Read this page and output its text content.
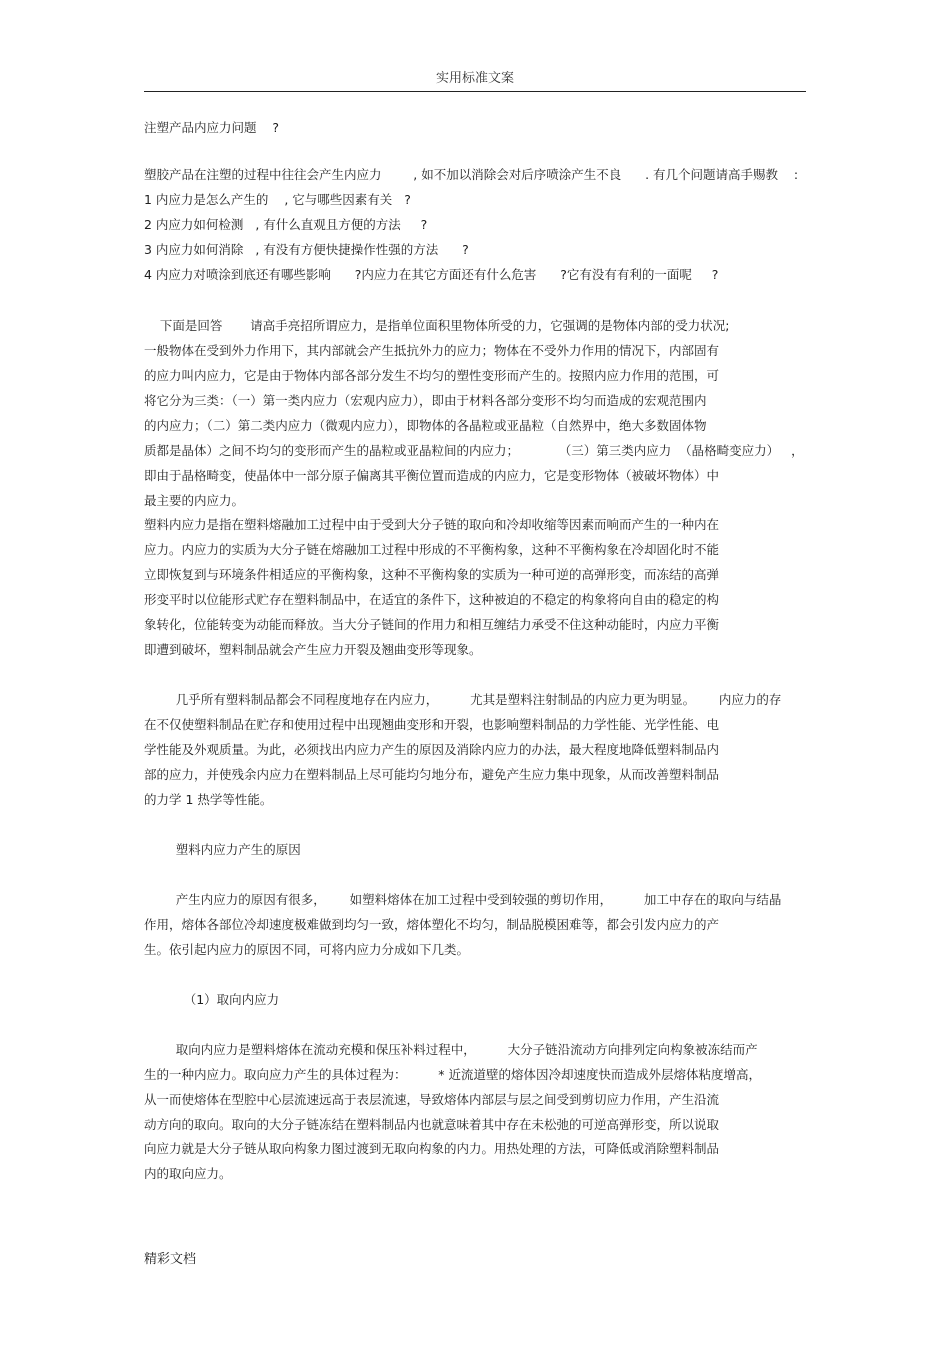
实用标准文案
注塑产品内应力问题    ?
塑胶产品在注塑的过程中往往会产生内应力        , 如不加以消除会对后序喷涂产生不良      . 有几个问题请高手赐教    :
1 内应力是怎么产生的    , 它与哪些因素有关   ?
2 内应力如何检测   , 有什么直观且方便的方法     ?
3 内应力如何消除   , 有没有方便快捷操作性强的方法      ?
4 内应力对喷涂到底还有哪些影响      ?内应力在其它方面还有什么危害      ?它有没有有利的一面呢     ?
下面是回答       请高手亮招所谓应力，是指单位面积里物体所受的力，它强调的是物体内部的受力状况;
一般物体在受到外力作用下，其内部就会产生抵抗外力的应力；物体在不受外力作用的情况下，内部固有
的应力叫内应力，它是由于物体内部各部分发生不均匀的塑性变形而产生的。按照内应力作用的范围，可
将它分为三类：（一）第一类内应力（宏观内应力），即由于材料各部分变形不均匀而造成的宏观范围内
的内应力；（二）第二类内应力（微观内应力），即物体的各晶粒或亚晶粒（自然界中，绝大多数固体物
质都是晶体）之间不均匀的变形而产生的晶粒或亚晶粒间的内应力；          （三）第三类内应力  （晶格畸变应力）   ，
即由于晶格畸变，使晶体中一部分原子偏离其平衡位置而造成的内应力，它是变形物体（被破坏物体）中
最主要的内应力。
塑料内应力是指在塑料熔融加工过程中由于受到大分子链的取向和冷却收缩等因素而响而产生的一种内在
应力。内应力的实质为大分子链在熔融加工过程中形成的不平衡构象，这种不平衡构象在冷却固化时不能
立即恢复到与环境条件相适应的平衡构象，这种不平衡构象的实质为一种可逆的高弹形变，而冻结的高弹
形变平时以位能形式贮存在塑料制品中，在适宜的条件下，这种被迫的不稳定的构象将向自由的稳定的构
象转化，位能转变为动能而释放。当大分子链间的作用力和相互缠结力承受不住这种动能时，内应力平衡
即遭到破坏，塑料制品就会产生应力开裂及翘曲变形等现象。
几乎所有塑料制品都会不同程度地存在内应力，        尤其是塑料注射制品的内应力更为明显。      内应力的存
在不仅使塑料制品在贮存和使用过程中出现翘曲变形和开裂，也影响塑料制品的力学性能、光学性能、电
学性能及外观质量。为此，必须找出内应力产生的原因及消除内应力的办法，最大程度地降低塑料制品内
部的应力，并使残余内应力在塑料制品上尽可能均匀地分布，避免产生应力集中现象，从而改善塑料制品
的力学 1 热学等性能。
塑料内应力产生的原因
产生内应力的原因有很多，      如塑料熔体在加工过程中受到较强的剪切作用，        加工中存在的取向与结晶
作用，熔体各部位冷却速度极难做到均匀一致，熔体塑化不均匀，制品脱模困难等，都会引发内应力的产
生。依引起内应力的原因不同，可将内应力分成如下几类。
（1）取向内应力
取向内应力是塑料熔体在流动充模和保压补料过程中，        大分子链沿流动方向排列定向构象被冻结而产
生的一种内应力。取向应力产生的具体过程为：        * 近流道壁的熔体因冷却速度快而造成外层熔体粘度增高，
从一而使熔体在型腔中心层流速远高于表层流速，导致熔体内部层与层之间受到剪切应力作用，产生沿流
动方向的取向。取向的大分子链冻结在塑料制品内也就意味着其中存在未松弛的可逆高弹形变，所以说取
向应力就是大分子链从取向构象力图过渡到无取向构象的内力。用热处理的方法，可降低或消除塑料制品
内的取向应力。
精彩文档
